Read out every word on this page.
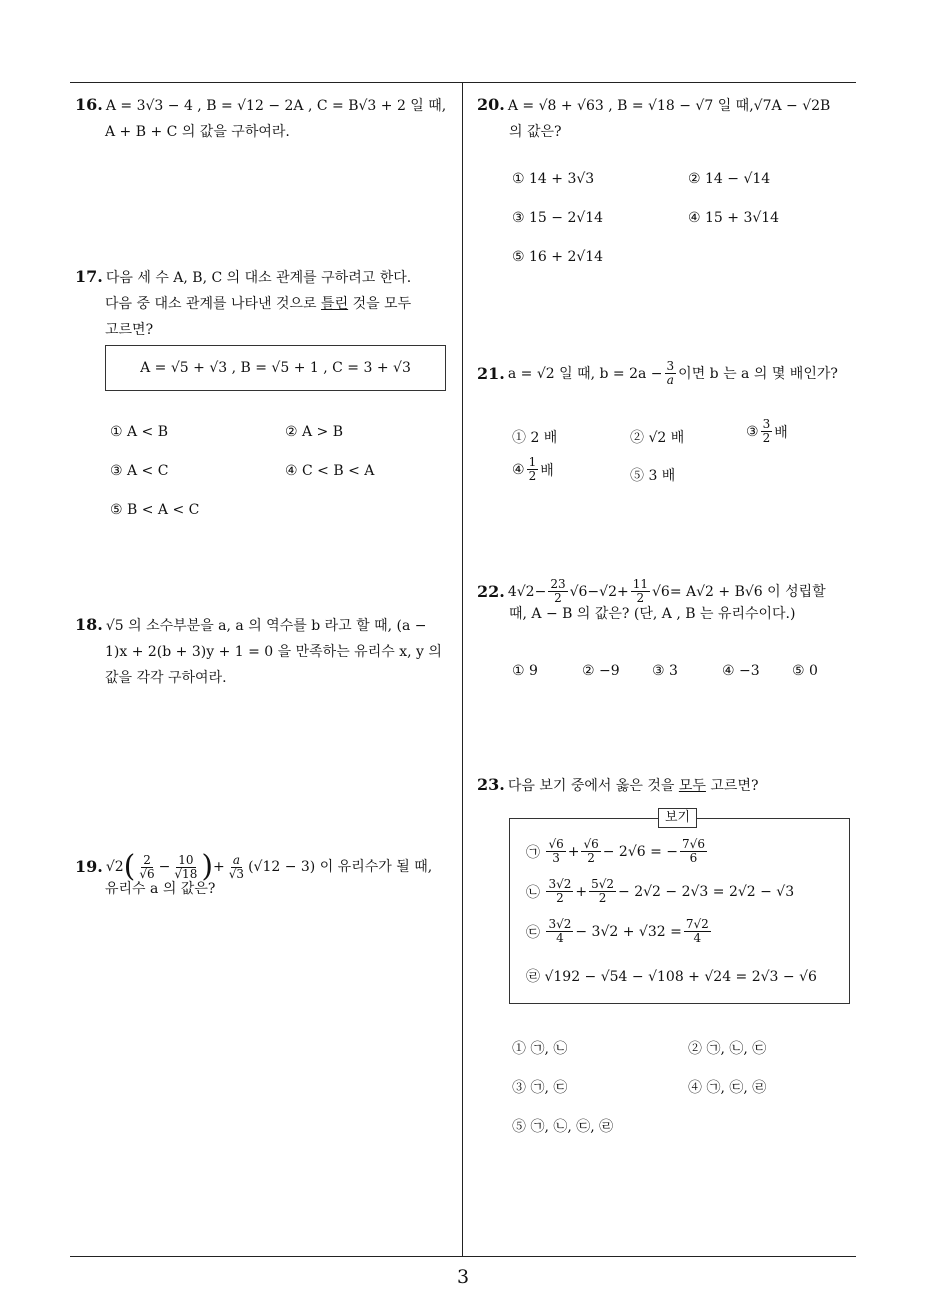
3
16. A = 3√3 − 4 , B = √12 − 2A , C = B√3 + 2 일 때,
A + B + C 의 값을 구하여라.
17. 다음 세 수 A, B, C 의 대소 관계를 구하려고 한다.
다음 중 대소 관계를 나타낸 것으로 틀린 것을 모두
고르면?
A = √5 + √3 , B = √5 + 1 , C = 3 + √3
① A < B	② A > B
③ A < C	④ C < B < A
⑤ B < A < C
18. √5 의 소수부분을 a, a 의 역수를 b 라고 할 때, (a −
1)x + 2(b + 3)y + 1 = 0 을 만족하는 유리수 x, y 의
값을 각각 구하여라.
19. √2 ( $\frac{2}{√6} - \frac{10}{√18}$ ) + $\frac{a}{√3} (√12 - 3)$ 이 유리수가 될 때,
유리수 a 의 값은?
20. A = √8 + √63 , B = √18 − √7 일 때,√7A − √2B
의 값은?
① 14 + 3√3	② 14 − √14
③ 15 − 2√14	④ 15 + 3√14
⑤ 16 + 2√14
21. a = √2 일 때, $b = 2a - \frac{3}{a}$ 이면 b 는 a 의 몇 배인가?
① 2 배	② √2 배	③ $\frac{3}{2}$ 배
④ $\frac{1}{2}$ 배	⑤ 3 배
22. $4√2- \frac{23}{2} √6-√2+ \frac{11}{2} √6 = A√2 + B√6$ 이 성립할
때, A − B 의 값은? (단, A , B 는 유리수이다.)
① 9	② −9 ③ 3	④ −3 ⑤ 0
23. 다음 보기 중에서 옳은 것을 모두 고르면?
보기
㉠
$\frac{√6}{3} + \frac{√6}{2} - 2√6$ = − $\frac{7√6}{6}$
㉡
$\frac{3√2}{2} + \frac{5√2}{2} - 2√2 - 2√3 = 2√2 - √3$
㉢
$\frac{3√2}{4} - 3√2 + √32 = \frac{7√2}{4}$
㉣ √192 − √54 − √108 + √24 = 2√3 − √6
① ㉠, ㉡	② ㉠, ㉡, ㉢
③ ㉠, ㉢	④ ㉠, ㉢, ㉣
⑤ ㉠, ㉡, ㉢, ㉣
